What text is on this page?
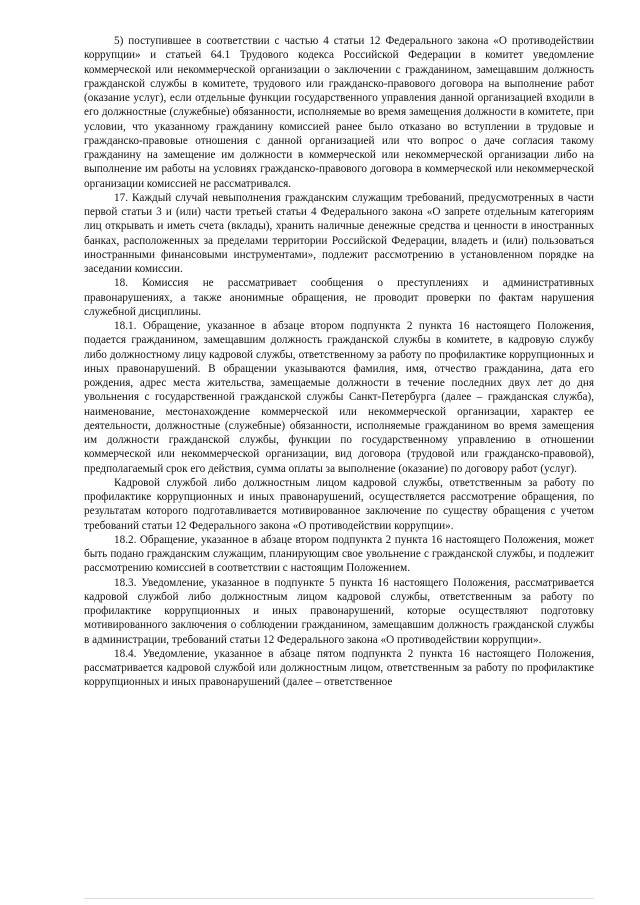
5) поступившее в соответствии с частью 4 статьи 12 Федерального закона «О противодействии коррупции» и статьей 64.1 Трудового кодекса Российской Федерации в комитет уведомление коммерческой или некоммерческой организации о заключении с гражданином, замещавшим должность гражданской службы в комитете, трудового или гражданско-правового договора на выполнение работ (оказание услуг), если отдельные функции государственного управления данной организацией входили в его должностные (служебные) обязанности, исполняемые во время замещения должности в комитете, при условии, что указанному гражданину комиссией ранее было отказано во вступлении в трудовые и гражданско-правовые отношения с данной организацией или что вопрос о даче согласия такому гражданину на замещение им должности в коммерческой или некоммерческой организации либо на выполнение им работы на условиях гражданско-правового договора в коммерческой или некоммерческой организации комиссией не рассматривался.

17. Каждый случай невыполнения гражданским служащим требований, предусмотренных в части первой статьи 3 и (или) части третьей статьи 4 Федерального закона «О запрете отдельным категориям лиц открывать и иметь счета (вклады), хранить наличные денежные средства и ценности в иностранных банках, расположенных за пределами территории Российской Федерации, владеть и (или) пользоваться иностранными финансовыми инструментами», подлежит рассмотрению в установленном порядке на заседании комиссии.

18. Комиссия не рассматривает сообщения о преступлениях и административных правонарушениях, а также анонимные обращения, не проводит проверки по фактам нарушения служебной дисциплины.

18.1. Обращение, указанное в абзаце втором подпункта 2 пункта 16 настоящего Положения, подается гражданином, замещавшим должность гражданской службы в комитете, в кадровую службу либо должностному лицу кадровой службы, ответственному за работу по профилактике коррупционных и иных правонарушений. В обращении указываются фамилия, имя, отчество гражданина, дата его рождения, адрес места жительства, замещаемые должности в течение последних двух лет до дня увольнения с государственной гражданской службы Санкт-Петербурга (далее – гражданская служба), наименование, местонахождение коммерческой или некоммерческой организации, характер ее деятельности, должностные (служебные) обязанности, исполняемые гражданином во время замещения им должности гражданской службы, функции по государственному управлению в отношении коммерческой или некоммерческой организации, вид договора (трудовой или гражданско-правовой), предполагаемый срок его действия, сумма оплаты за выполнение (оказание) по договору работ (услуг).

Кадровой службой либо должностным лицом кадровой службы, ответственным за работу по профилактике коррупционных и иных правонарушений, осуществляется рассмотрение обращения, по результатам которого подготавливается мотивированное заключение по существу обращения с учетом требований статьи 12 Федерального закона «О противодействии коррупции».

18.2. Обращение, указанное в абзаце втором подпункта 2 пункта 16 настоящего Положения, может быть подано гражданским служащим, планирующим свое увольнение с гражданской службы, и подлежит рассмотрению комиссией в соответствии с настоящим Положением.

18.3. Уведомление, указанное в подпункте 5 пункта 16 настоящего Положения, рассматривается кадровой службой либо должностным лицом кадровой службы, ответственным за работу по профилактике коррупционных и иных правонарушений, которые осуществляют подготовку мотивированного заключения о соблюдении гражданином, замещавшим должность гражданской службы в администрации, требований статьи 12 Федерального закона «О противодействии коррупции».

18.4. Уведомление, указанное в абзаце пятом подпункта 2 пункта 16 настоящего Положения, рассматривается кадровой службой или должностным лицом, ответственным за работу по профилактике коррупционных и иных правонарушений (далее – ответственное
